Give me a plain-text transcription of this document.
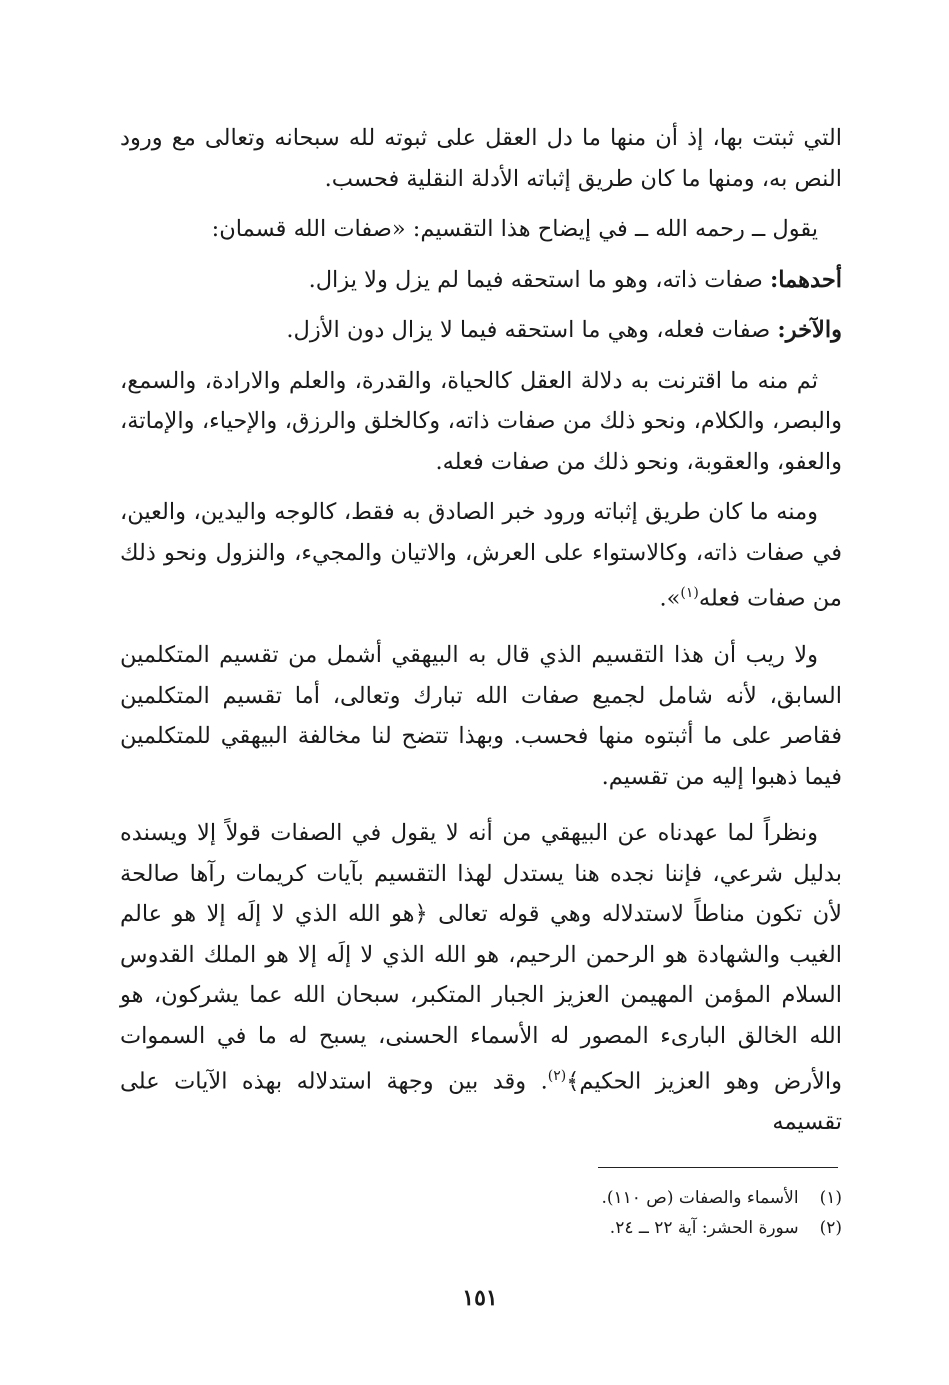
التي ثبتت بها، إذ أن منها ما دل العقل على ثبوته لله سبحانه وتعالى مع ورود النص به، ومنها ما كان طريق إثباته الأدلة النقلية فحسب.

يقول ــ رحمه الله ــ في إيضاح هذا التقسيم: «صفات الله قسمان:

أحدهما: صفات ذاته، وهو ما استحقه فيما لم يزل ولا يزال.

والآخر: صفات فعله، وهي ما استحقه فيما لا يزال دون الأزل.

ثم منه ما اقترنت به دلالة العقل كالحياة، والقدرة، والعلم والارادة، والسمع، والبصر، والكلام، ونحو ذلك من صفات ذاته، وكالخلق والرزق، والإحياء، والإماتة، والعفو، والعقوبة، ونحو ذلك من صفات فعله.

ومنه ما كان طريق إثباته ورود خبر الصادق به فقط، كالوجه واليدين، والعين، في صفات ذاته، وكالاستواء على العرش، والاتيان والمجيء، والنزول ونحو ذلك من صفات فعله$^{(١)}$».

ولا ريب أن هذا التقسيم الذي قال به البيهقي أشمل من تقسيم المتكلمين السابق، لأنه شامل لجميع صفات الله تبارك وتعالى، أما تقسيم المتكلمين فقاصر على ما أثبتوه منها فحسب. وبهذا تتضح لنا مخالفة البيهقي للمتكلمين فيما ذهبوا إليه من تقسيم.

ونظراً لما عهدناه عن البيهقي من أنه لا يقول في الصفات قولاً إلا ويسنده بدليل شرعي، فإننا نجده هنا يستدل لهذا التقسيم بآيات كريمات رآها صالحة لأن تكون مناطاً لاستدلاله وهي قوله تعالى ﴿هو الله الذي لا إلَه إلا هو عالم الغيب والشهادة هو الرحمن الرحيم، هو الله الذي لا إلَه إلا هو الملك القدوس السلام المؤمن المهيمن العزيز الجبار المتكبر، سبحان الله عما يشركون، هو الله الخالق البارىء المصور له الأسماء الحسنى، يسبح له ما في السموات والأرض وهو العزيز الحكيم﴾$^{(٢)}$. وقد بين وجهة استدلاله بهذه الآيات على تقسيمه

(١) الأسماء والصفات (ص ١١٠).

(٢) سورة الحشر: آية ٢٢ ــ ٢٤.

١٥١
